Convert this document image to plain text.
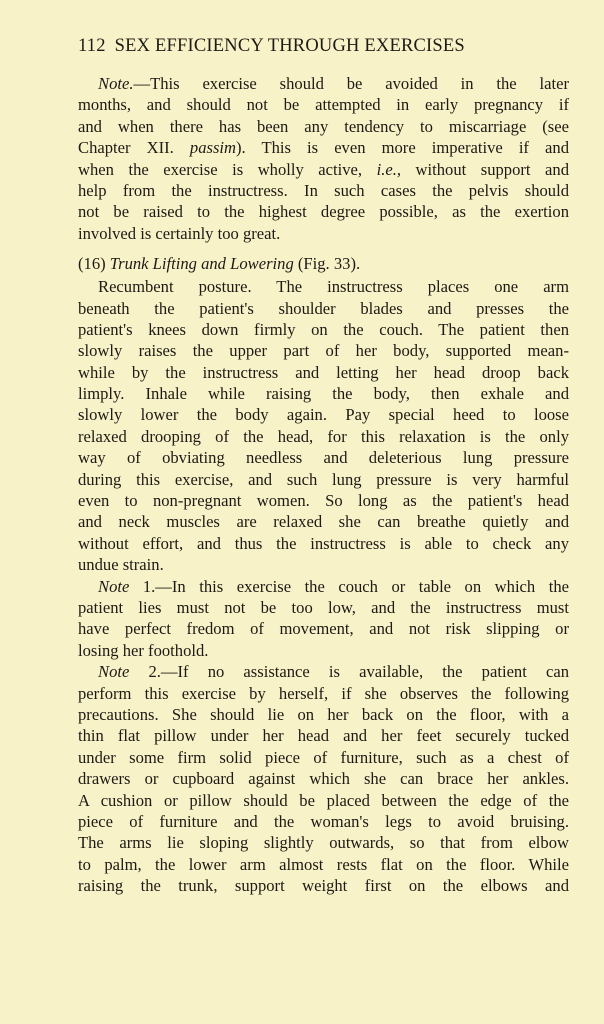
112 SEX EFFICIENCY THROUGH EXERCISES
Note.—This exercise should be avoided in the later
months, and should not be attempted in early pregnancy if
and when there has been any tendency to miscarriage (see
Chapter XII. passim). This is even more imperative if and
when the exercise is wholly active, i.e., without support and
help from the instructress. In such cases the pelvis should
not be raised to the highest degree possible, as the exertion
involved is certainly too great.
(16) Trunk Lifting and Lowering (Fig. 33).
Recumbent posture. The instructress places one arm
beneath the patient's shoulder blades and presses the
patient's knees down firmly on the couch. The patient then
slowly raises the upper part of her body, supported mean-
while by the instructress and letting her head droop back
limply. Inhale while raising the body, then exhale and
slowly lower the body again. Pay special heed to loose
relaxed drooping of the head, for this relaxation is the only
way of obviating needless and deleterious lung pressure
during this exercise, and such lung pressure is very harmful
even to non-pregnant women. So long as the patient's head
and neck muscles are relaxed she can breathe quietly and
without effort, and thus the instructress is able to check any
undue strain.
Note 1.—In this exercise the couch or table on which the
patient lies must not be too low, and the instructress must
have perfect fredom of movement, and not risk slipping or
losing her foothold.
Note 2.—If no assistance is available, the patient can
perform this exercise by herself, if she observes the following
precautions. She should lie on her back on the floor, with a
thin flat pillow under her head and her feet securely tucked
under some firm solid piece of furniture, such as a chest of
drawers or cupboard against which she can brace her ankles.
A cushion or pillow should be placed between the edge of the
piece of furniture and the woman's legs to avoid bruising.
The arms lie sloping slightly outwards, so that from elbow
to palm, the lower arm almost rests flat on the floor. While
raising the trunk, support weight first on the elbows and
